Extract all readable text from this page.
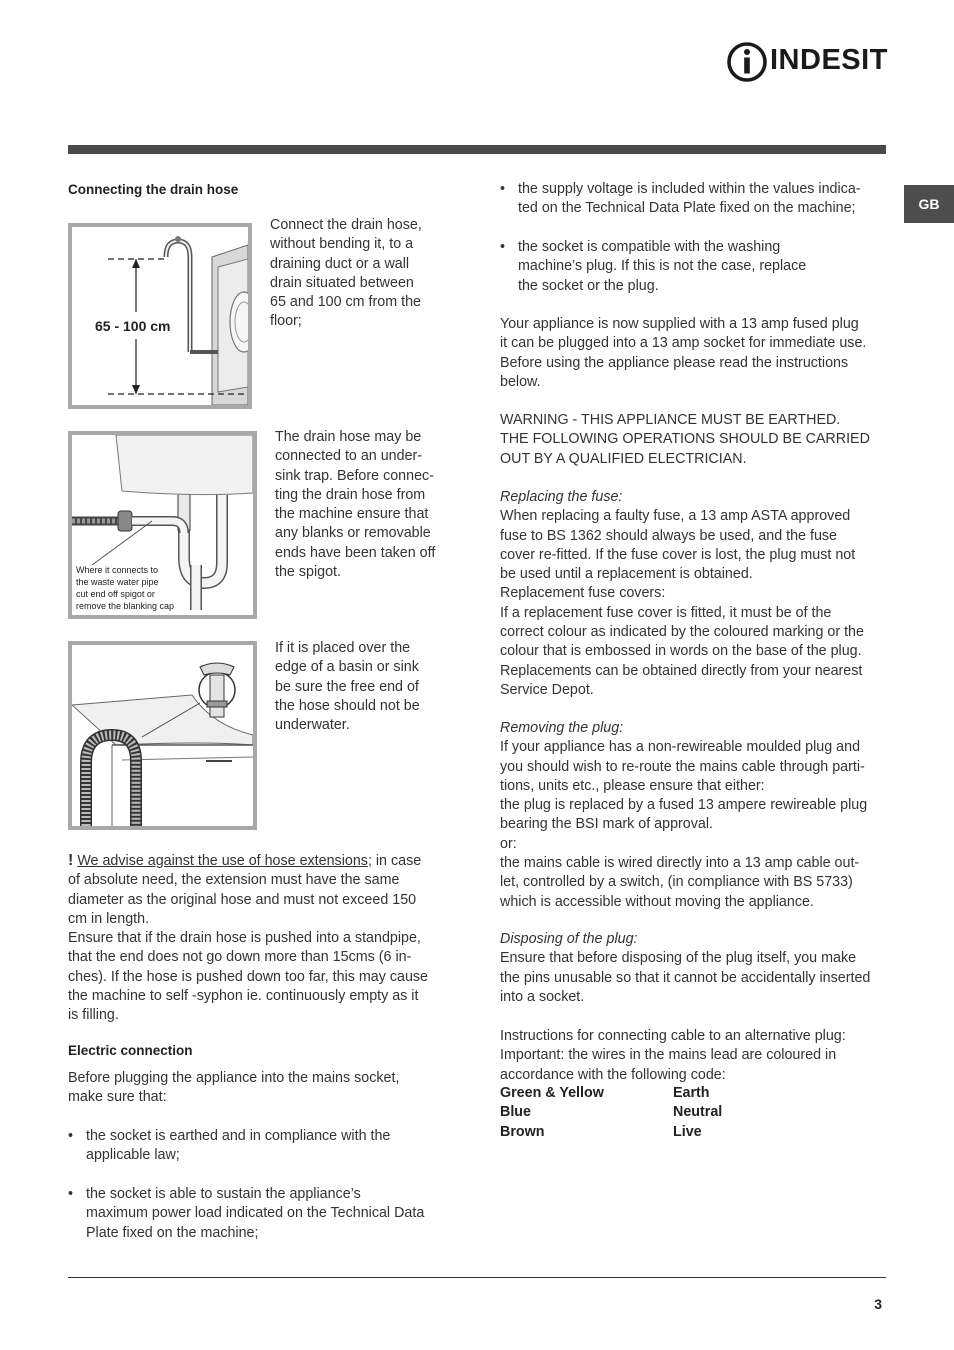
INDESIT
GB
Connecting the drain hose
65 - 100 cm
Connect the drain hose,
without bending it, to a
draining duct or a wall
drain situated between
65 and 100 cm from the
floor;
Where it connects to
the waste water pipe
cut end off spigot or
remove the blanking cap
The drain hose may be
connected to an under-
sink trap. Before connec-
ting the drain hose from
the machine ensure that
any blanks or removable
ends have been taken off
the spigot.
If it is placed over the
edge of a basin or sink
be sure the free end of
the hose should not be
underwater.
! We advise against the use of hose extensions; in case
of absolute need, the extension must have the same
diameter as the original hose and must not exceed 150
cm in length.
Ensure that if the drain hose is pushed into a standpipe,
that the end does not go down more than 15cms (6 in-
ches). If the hose is pushed down too far, this may cause
the machine to self -syphon ie. continuously empty as it
is filling.
Electric connection
Before plugging the appliance into the mains socket,
make sure that:
• the socket is earthed and in compliance with the
applicable law;
• the socket is able to sustain the appliance’s
maximum power load indicated on the Technical Data
Plate fixed on the machine;
• the supply voltage is included within the values indica-
ted on the Technical Data Plate fixed on the machine;
• the socket is compatible with the washing
machine’s plug. If this is not the case, replace
the socket or the plug.
Your appliance is now supplied with a 13 amp fused plug
it can be plugged into a 13 amp socket for immediate use.
Before using the appliance please read the instructions
below.
WARNING - THIS APPLIANCE MUST BE EARTHED.
THE FOLLOWING OPERATIONS SHOULD BE CARRIED
OUT BY A QUALIFIED ELECTRICIAN.
Replacing the fuse:
When replacing a faulty fuse, a 13 amp ASTA approved
fuse to BS 1362 should always be used, and the fuse
cover re-fitted. If the fuse cover is lost, the plug must not
be used until a replacement is obtained.
Replacement fuse covers:
If a replacement fuse cover is fitted, it must be of the
correct colour as indicated by the coloured marking or the
colour that is embossed in words on the base of the plug.
Replacements can be obtained directly from your nearest
Service Depot.
Removing the plug:
If your appliance has a non-rewireable moulded plug and
you should wish to re-route the mains cable through parti-
tions, units etc., please ensure that either:
the plug is replaced by a fused 13 ampere rewireable plug
bearing the BSI mark of approval.
or:
the mains cable is wired directly into a 13 amp cable out-
let, controlled by a switch, (in compliance with BS 5733)
which is accessible without moving the appliance.
Disposing of the plug:
Ensure that before disposing of the plug itself, you make
the pins unusable so that it cannot be accidentally inserted
into a socket.
Instructions for connecting cable to an alternative plug:
Important: the wires in the mains lead are coloured in
accordance with the following code:
Green & Yellow	Earth
Blue	Neutral
Brown	Live
3
